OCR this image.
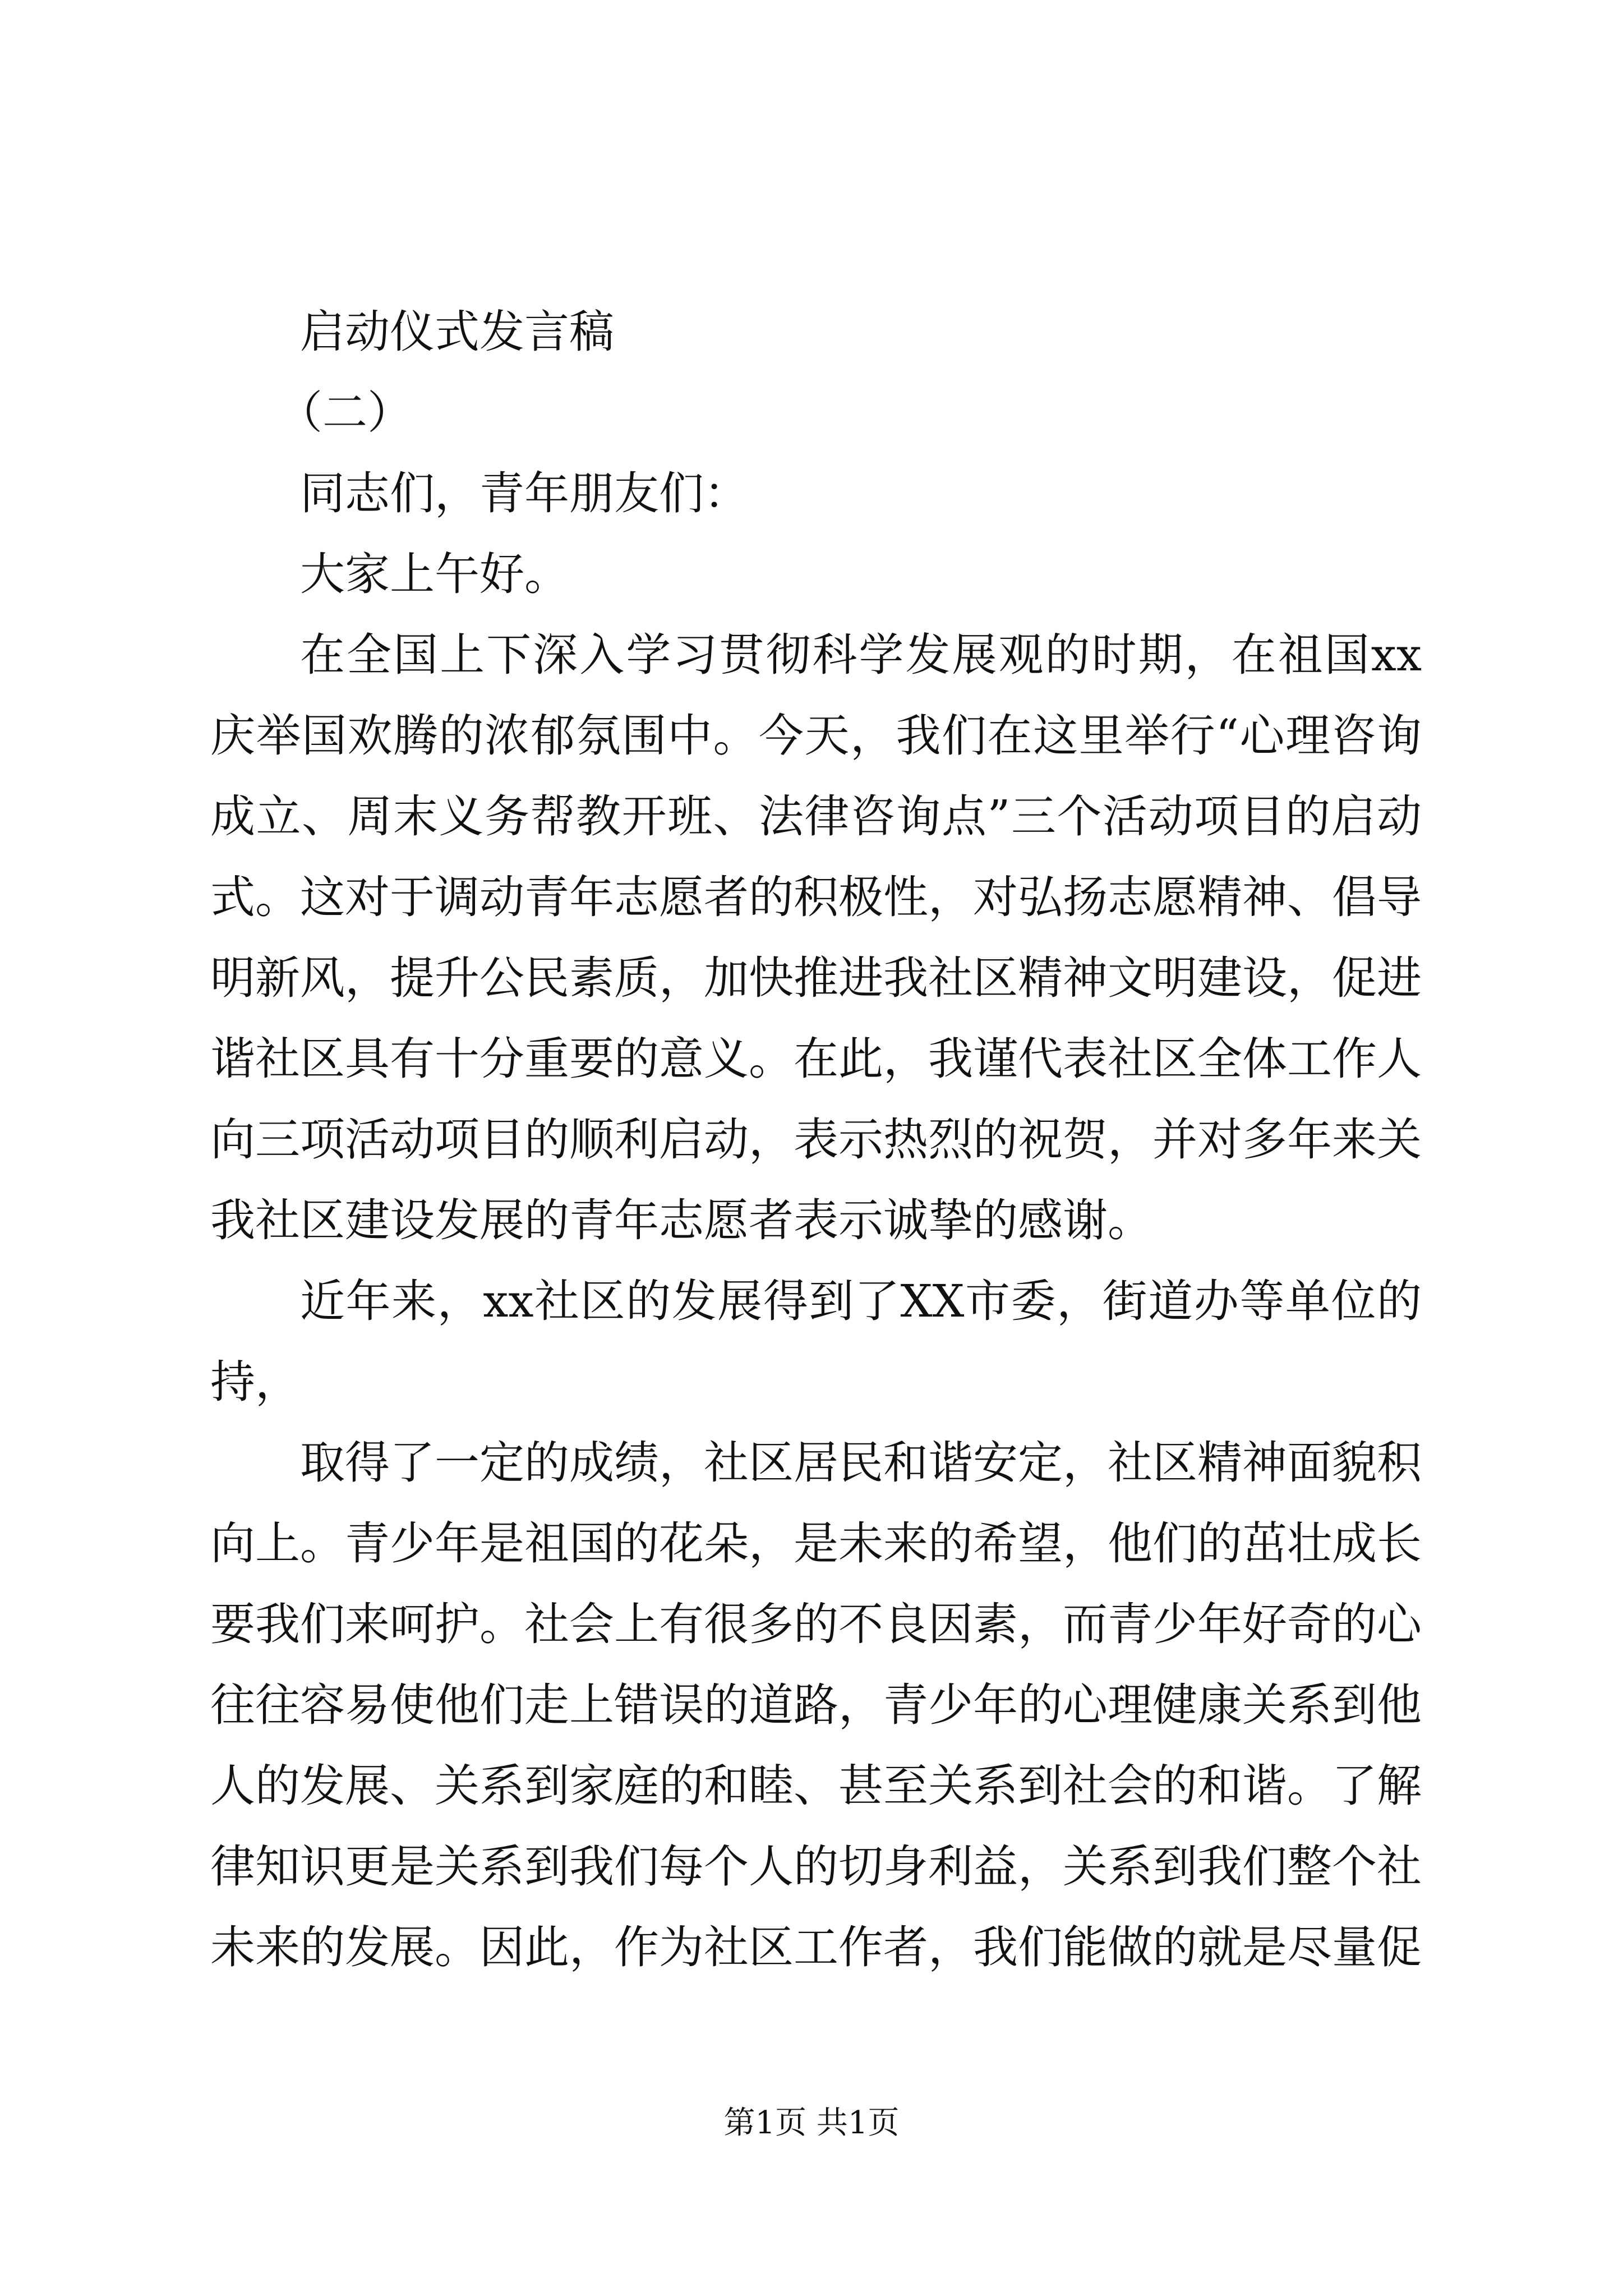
启动仪式发言稿
（二）
同志们，青年朋友们：
大家上午好。
在全国上下深入学习贯彻科学发展观的时期，在祖国xx
庆举国欢腾的浓郁氛围中。今天，我们在这里举行“心理咨询
成立、周末义务帮教开班、法律咨询点”三个活动项目的启动
式。这对于调动青年志愿者的积极性，对弘扬志愿精神、倡导
明新风，提升公民素质，加快推进我社区精神文明建设，促进
谐社区具有十分重要的意义。在此，我谨代表社区全体工作人
向三项活动项目的顺利启动，表示热烈的祝贺，并对多年来关
我社区建设发展的青年志愿者表示诚挚的感谢。
近年来，xx社区的发展得到了XX市委，街道办等单位的
持，
取得了一定的成绩，社区居民和谐安定，社区精神面貌积
向上。青少年是祖国的花朵，是未来的希望，他们的茁壮成长
要我们来呵护。社会上有很多的不良因素，而青少年好奇的心
往往容易使他们走上错误的道路，青少年的心理健康关系到他
人的发展、关系到家庭的和睦、甚至关系到社会的和谐。了解
律知识更是关系到我们每个人的切身利益，关系到我们整个社
未来的发展。因此，作为社区工作者，我们能做的就是尽量促
第1页 共1页
